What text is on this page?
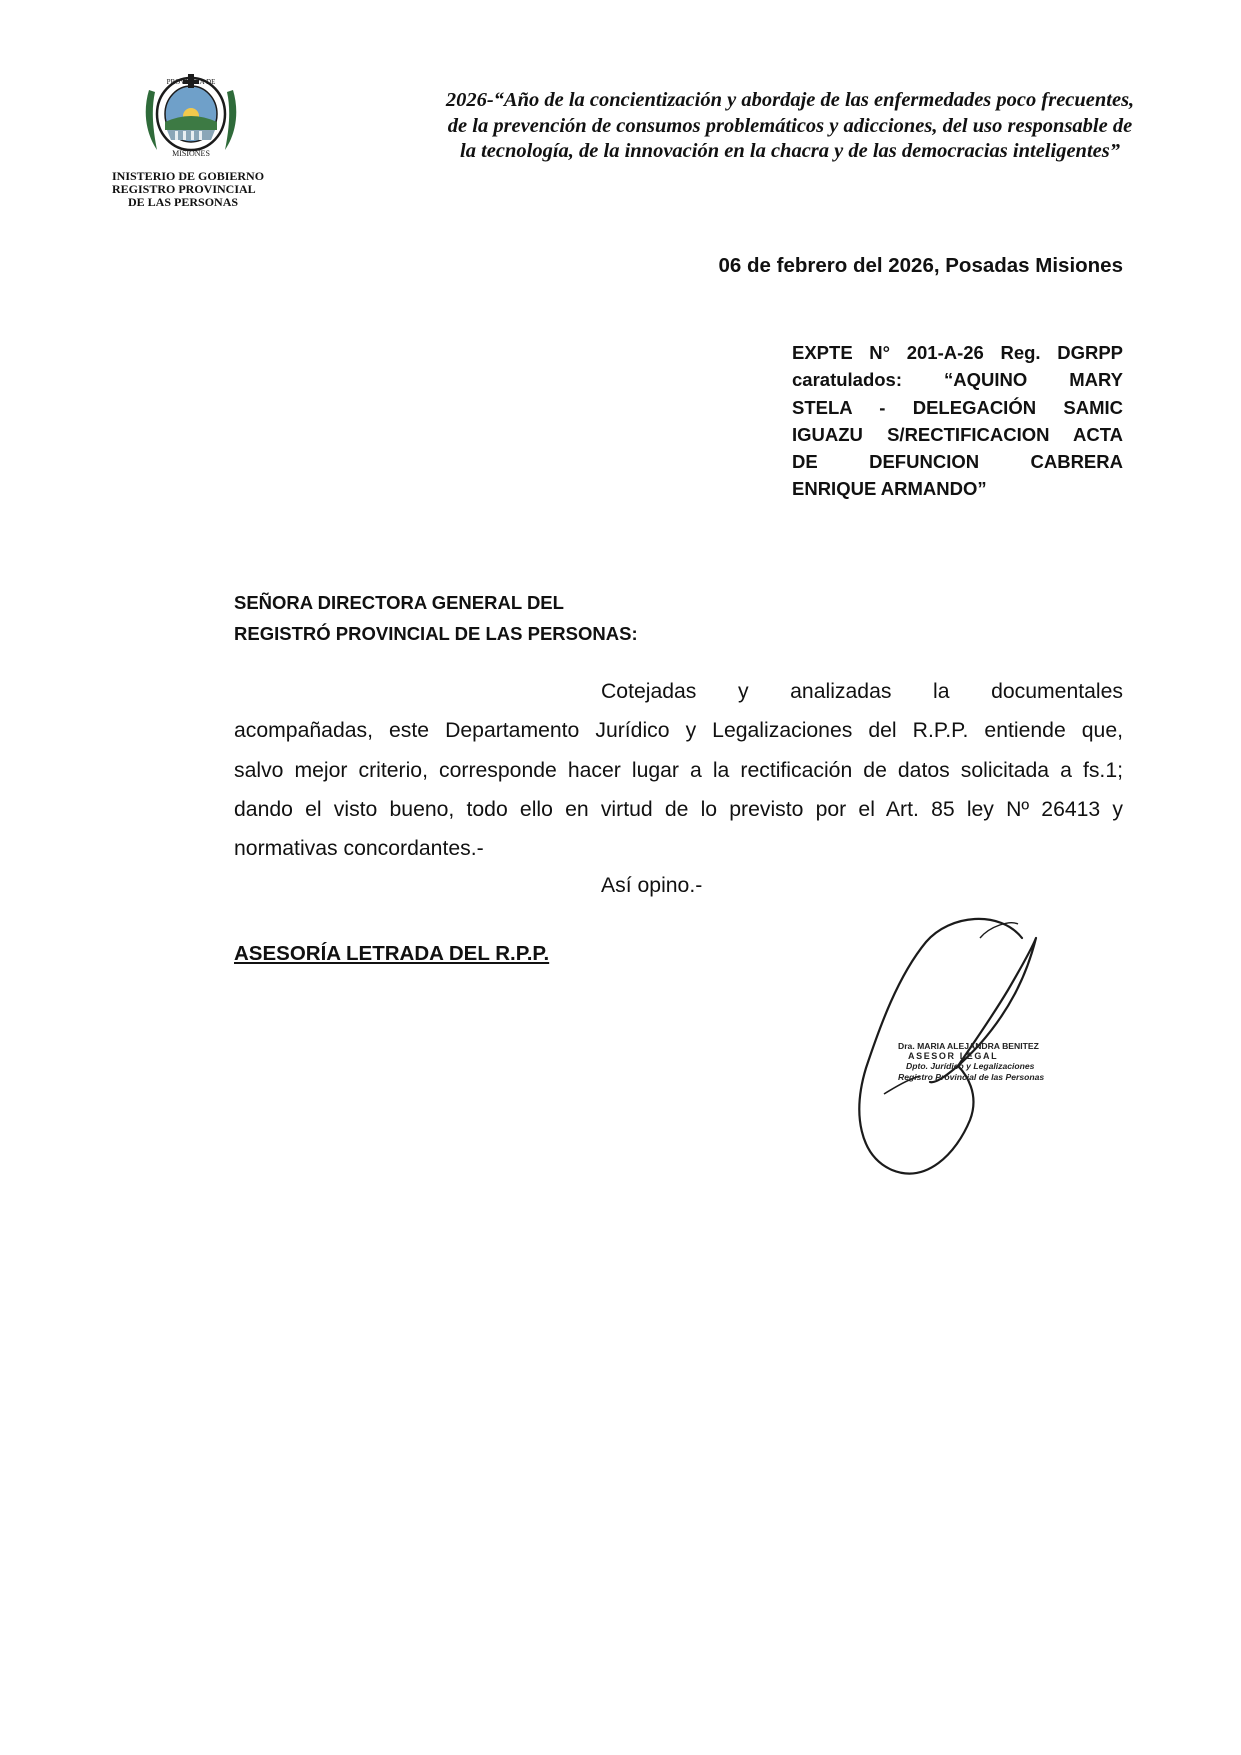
PROVINCIA DE
MISIONES
INISTERIO DE GOBIERNO
REGISTRO PROVINCIAL
DE LAS PERSONAS
2026-“Año de la concientización y abordaje de las enfermedades poco frecuentes,
de la prevención de consumos problemáticos y adicciones, del uso responsable de
la tecnología, de la innovación en la chacra y de las democracias inteligentes”
06 de febrero del 2026, Posadas Misiones
EXPTE N° 201-A-26 Reg. DGRPP
caratulados: “AQUINO MARY
STELA - DELEGACIÓN SAMIC
IGUAZU S/RECTIFICACION ACTA
DE DEFUNCION CABRERA
ENRIQUE ARMANDO”
SEÑORA DIRECTORA GENERAL DEL
REGISTRÓ PROVINCIAL DE LAS PERSONAS:
Cotejadas y analizadas la documentales
acompañadas, este Departamento Jurídico y Legalizaciones del R.P.P. entiende que,
salvo mejor criterio, corresponde hacer lugar a la rectificación de datos solicitada a fs.1;
dando el visto bueno, todo ello en virtud de lo previsto por el Art. 85 ley Nº 26413 y
normativas concordantes.-
Así opino.-
ASESORÍA LETRADA DEL R.P.P.
Dra. MARIA ALEJANDRA BENITEZ
ASESOR LEGAL
Dpto. Jurídico y Legalizaciones
Registro Provincial de las Personas
